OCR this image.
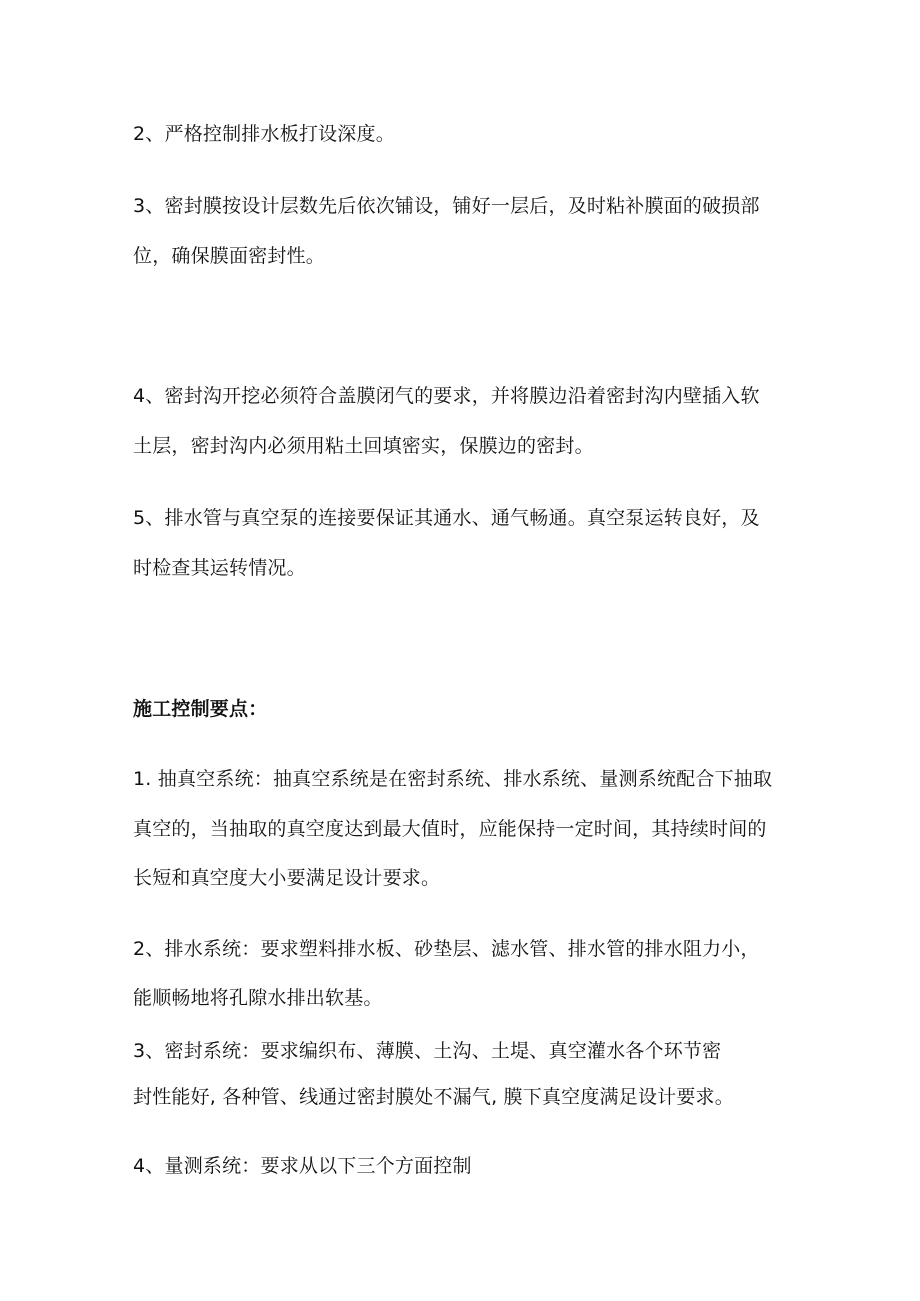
2、严格控制排水板打设深度。
3、密封膜按设计层数先后依次铺设，铺好一层后，及时粘补膜面的破损部
位，确保膜面密封性。
4、密封沟开挖必须符合盖膜闭气的要求，并将膜边沿着密封沟内壁插入软
土层，密封沟内必须用粘土回填密实，保膜边的密封。
5、排水管与真空泵的连接要保证其通水、通气畅通。真空泵运转良好，及
时检查其运转情况。
施工控制要点：
1. 抽真空系统：抽真空系统是在密封系统、排水系统、量测系统配合下抽取
真空的，当抽取的真空度达到最大值时，应能保持一定时间，其持续时间的
长短和真空度大小要满足设计要求。
2、排水系统：要求塑料排水板、砂垫层、滤水管、排水管的排水阻力小，
能顺畅地将孔隙水排出软基。
3、密封系统：要求编织布、薄膜、土沟、土堤、真空灌水各个环节密
封性能好, 各种管、线通过密封膜处不漏气, 膜下真空度满足设计要求。
4、量测系统：要求从以下三个方面控制
